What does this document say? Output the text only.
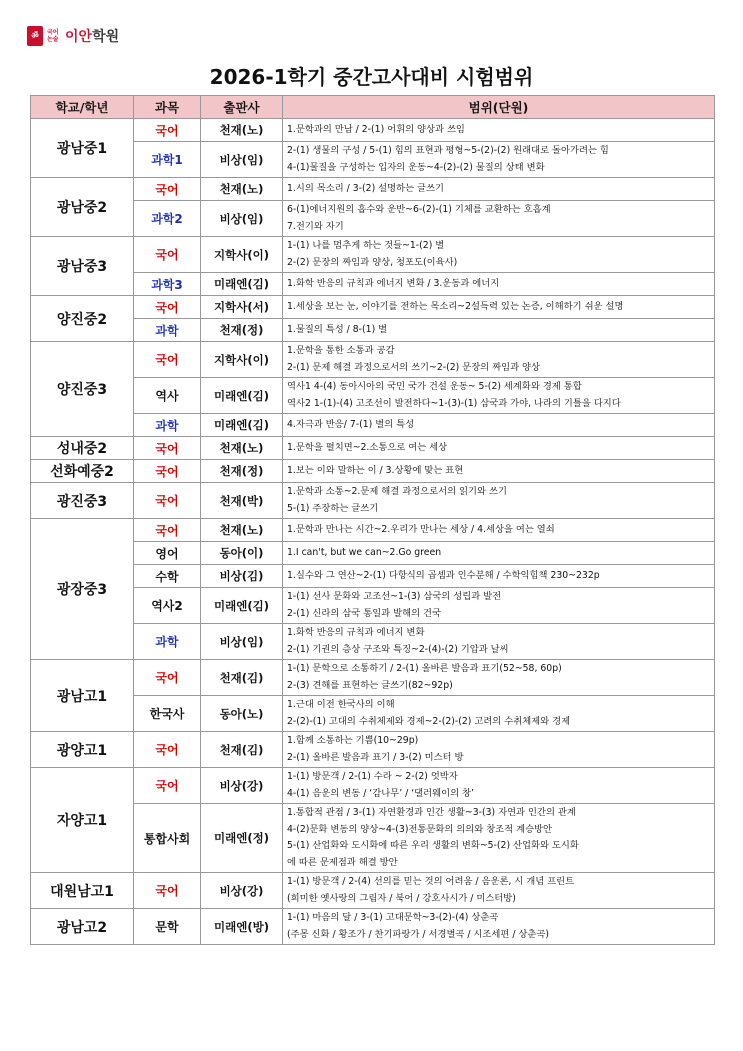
ॐ 국어 논술 이안학원
2026-1학기 중간고사대비 시험범위
학교/학년	과목	출판사	범위(단원)
광남중1	국어	천재(노)	1.문학과의 만남 / 2-(1) 어휘의 양상과 쓰임

	과학1	비상(임)	2-(1) 생물의 구성 / 5-(1) 힘의 표현과 평형~5-(2)-(2) 원래대로 돌아가려는 힘
4-(1)물질을 구성하는 입자의 운동~4-(2)-(2) 물질의 상태 변화

광남중2	국어	천재(노)	1.시의 목소리 / 3-(2) 설명하는 글쓰기

	과학2	비상(임)	6-(1)에너지원의 흡수와 운반~6-(2)-(1) 기체를 교환하는 호흡계
7.전기와 자기

광남중3	국어	지학사(이)	1-(1) 나를 멈추게 하는 것들~1-(2) 별
2-(2) 문장의 짜임과 양상, 청포도(이육사)

	과학3	미래엔(김)	1.화학 반응의 규칙과 에너지 변화 / 3.운동과 에너지

양진중2	국어	지학사(서)	1.세상을 보는 눈, 이야기를 전하는 목소리~2설득력 있는 논증, 이해하기 쉬운 설명

	과학	천재(정)	1.물질의 특성 / 8-(1) 별

양진중3	국어	지학사(이)	1.문학을 통한 소통과 공감
2-(1) 문제 해결 과정으로서의 쓰기~2-(2) 문장의 짜임과 양상

	역사	미래엔(김)	역사1 4-(4) 동아시아의 국민 국가 건설 운동~ 5-(2) 세계화와 경제 통합
역사2 1-(1)-(4) 고조선이 발전하다~1-(3)-(1) 삼국과 가야, 나라의 기틀을 다지다

	과학	미래엔(김)	4.자극과 반응/ 7-(1) 별의 특성

성내중2	국어	천재(노)	1.문학을 펼치면~2.소통으로 여는 세상

선화예중2	국어	천재(정)	1.보는 이와 말하는 이 / 3.상황에 맞는 표현

광진중3	국어	천재(박)	1.문학과 소통~2.문제 해결 과정으로서의 읽기와 쓰기
5-(1) 주장하는 글쓰기

광장중3	국어	천재(노)	1.문학과 만나는 시간~2.우리가 만나는 세상 / 4.세상을 여는 열쇠

	영어	동아(이)	1.I can't, but we can~2.Go green

	수학	비상(김)	1.실수와 그 연산~2-(1) 다항식의 곱셈과 인수분해 / 수학익힘책 230~232p

	역사2	미래엔(김)	1-(1) 선사 문화와 고조선~1-(3) 삼국의 성립과 발전
2-(1) 신라의 삼국 통일과 발해의 건국

	과학	비상(임)	1.화학 반응의 규칙과 에너지 변화
2-(1) 기권의 층상 구조와 특징~2-(4)-(2) 기압과 날씨

광남고1	국어	천재(김)	1-(1) 문학으로 소통하기 / 2-(1) 올바른 발음과 표기(52~58, 60p)
2-(3) 견해를 표현하는 글쓰기(82~92p)

	한국사	동아(노)	1.근대 이전 한국사의 이해
2-(2)-(1) 고대의 수취체제와 경제~2-(2)-(2) 고려의 수취체제와 경제

광양고1	국어	천재(김)	1.함께 소통하는 기쁨(10~29p)
2-(1) 올바른 발음과 표기 / 3-(2) 미스터 방

자양고1	국어	비상(강)	1-(1) 방문객 / 2-(1) 수라 ~ 2-(2) 엇박자
4-(1) 음운의 변동 / ‘감나무’ / ‘댈러웨이의 창’

	통합사회	미래엔(정)	1.통합적 관점 / 3-(1) 자연환경과 인간 생활~3-(3) 자연과 인간의 관계
4-(2)문화 변동의 양상~4-(3)전통문화의 의의와 창조적 계승방안
5-(1) 산업화와 도시화에 따른 우리 생활의 변화~5-(2) 산업화와 도시화
에 따른 문제점과 해결 방안

대원남고1	국어	비상(강)	1-(1) 방문객 / 2-(4) 선의를 믿는 것의 어려움 / 음운론, 시 개념 프린트
(희미한 옛사랑의 그림자 / 북어 / 강호사시가 / 미스터방)

광남고2	문학	미래엔(방)	1-(1) 마음의 달 / 3-(1) 고대문학~3-(2)-(4) 상춘곡
(주몽 신화 / 황조가 / 찬기파랑가 / 서경별곡 / 시조세편 / 상춘곡)
